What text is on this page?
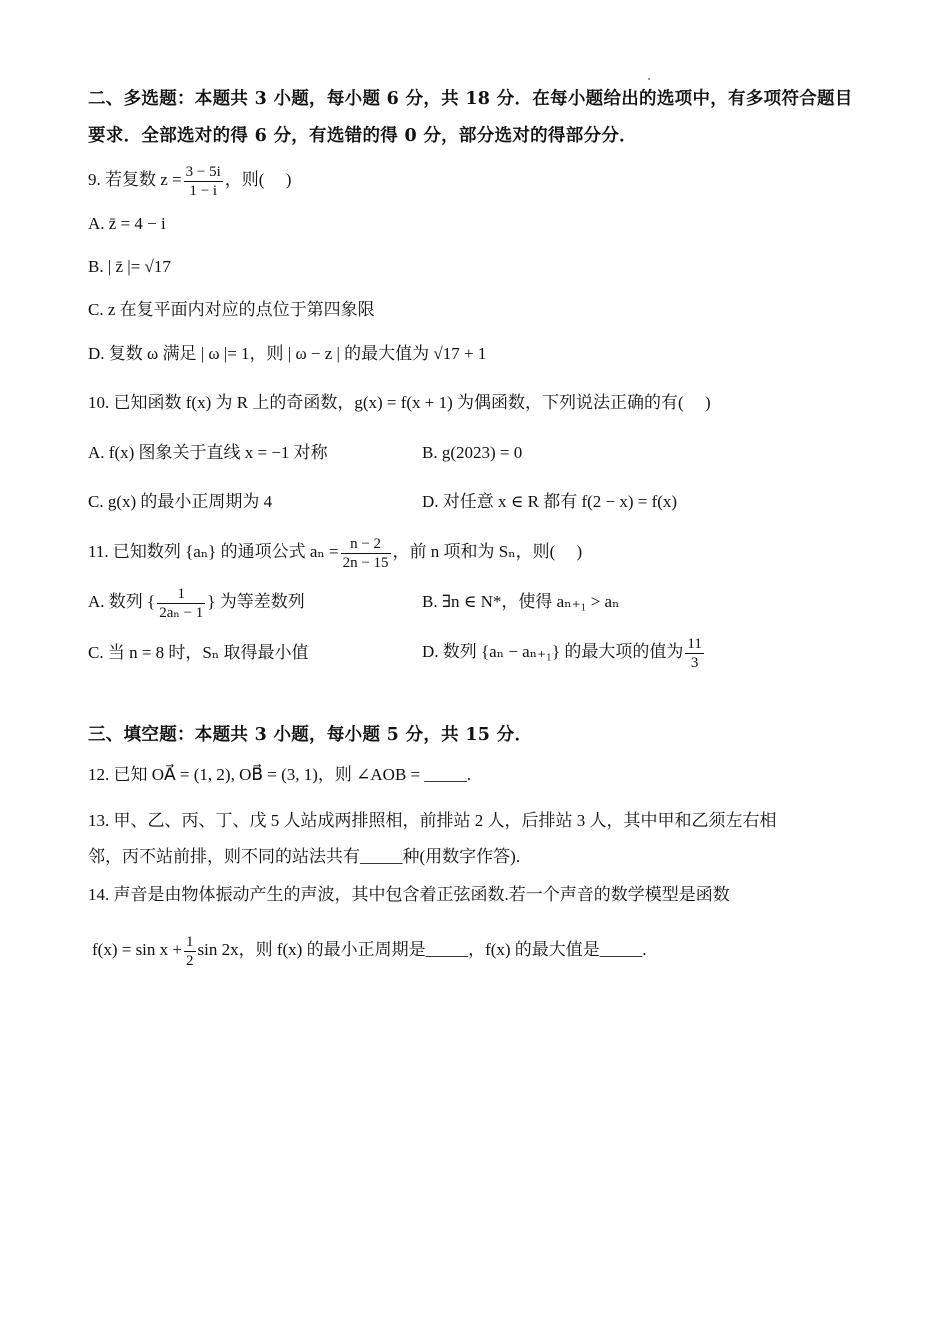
二、多选题：本题共 3 小题，每小题 6 分，共 18 分．在每小题给出的选项中，有多项符合题目
要求．全部选对的得 6 分，有选错的得 0 分，部分选对的得部分分．
9. 若复数 $z = \frac{3 - 5i}{1 - i}$ ，则(　 )
A. z̄ = 4 − i
B. | z̄ |= √17
C. z 在复平面内对应的点位于第四象限
D. 复数 ω 满足 | ω |= 1，则 | ω − z | 的最大值为 √17 + 1
10. 已知函数 f(x) 为 R 上的奇函数，g(x) = f(x + 1) 为偶函数，下列说法正确的有(　 )
A. f(x) 图象关于直线 x = −1 对称	B. g(2023) = 0
C. g(x) 的最小正周期为 4	D. 对任意 x ∈ R 都有 f(2 − x) = f(x)
11. 已知数列 {aₙ} 的通项公式 $a_n = \frac{n - 2}{2n - 15}$ ，前 n 项和为 Sₙ，则(　 )
A. 数列 { $\frac{1}{\text{2aₙ − 1}}$ } 为等差数列	B. ∃n ∈ N*，使得 aₙ₊₁ > aₙ
C. 当 n = 8 时，Sₙ 取得最小值	D. 数列 {aₙ − aₙ₊₁} 的最大项的值为 $\frac{11}{3}$
三、填空题：本题共 3 小题，每小题 5 分，共 15 分．
12. 已知 OA⃗ = (1, 2), OB⃗ = (3, 1)，则 ∠AOB = _____.
13. 甲、乙、丙、丁、戊 5 人站成两排照相，前排站 2 人，后排站 3 人，其中甲和乙须左右相
邻，丙不站前排，则不同的站法共有_____种(用数字作答).
14. 声音是由物体振动产生的声波，其中包含着正弦函数.若一个声音的数学模型是函数
$f(x) = \sin x + \frac{1}{2}$ sin 2x，则 f(x) 的最小正周期是_____，f(x) 的最大值是_____.
